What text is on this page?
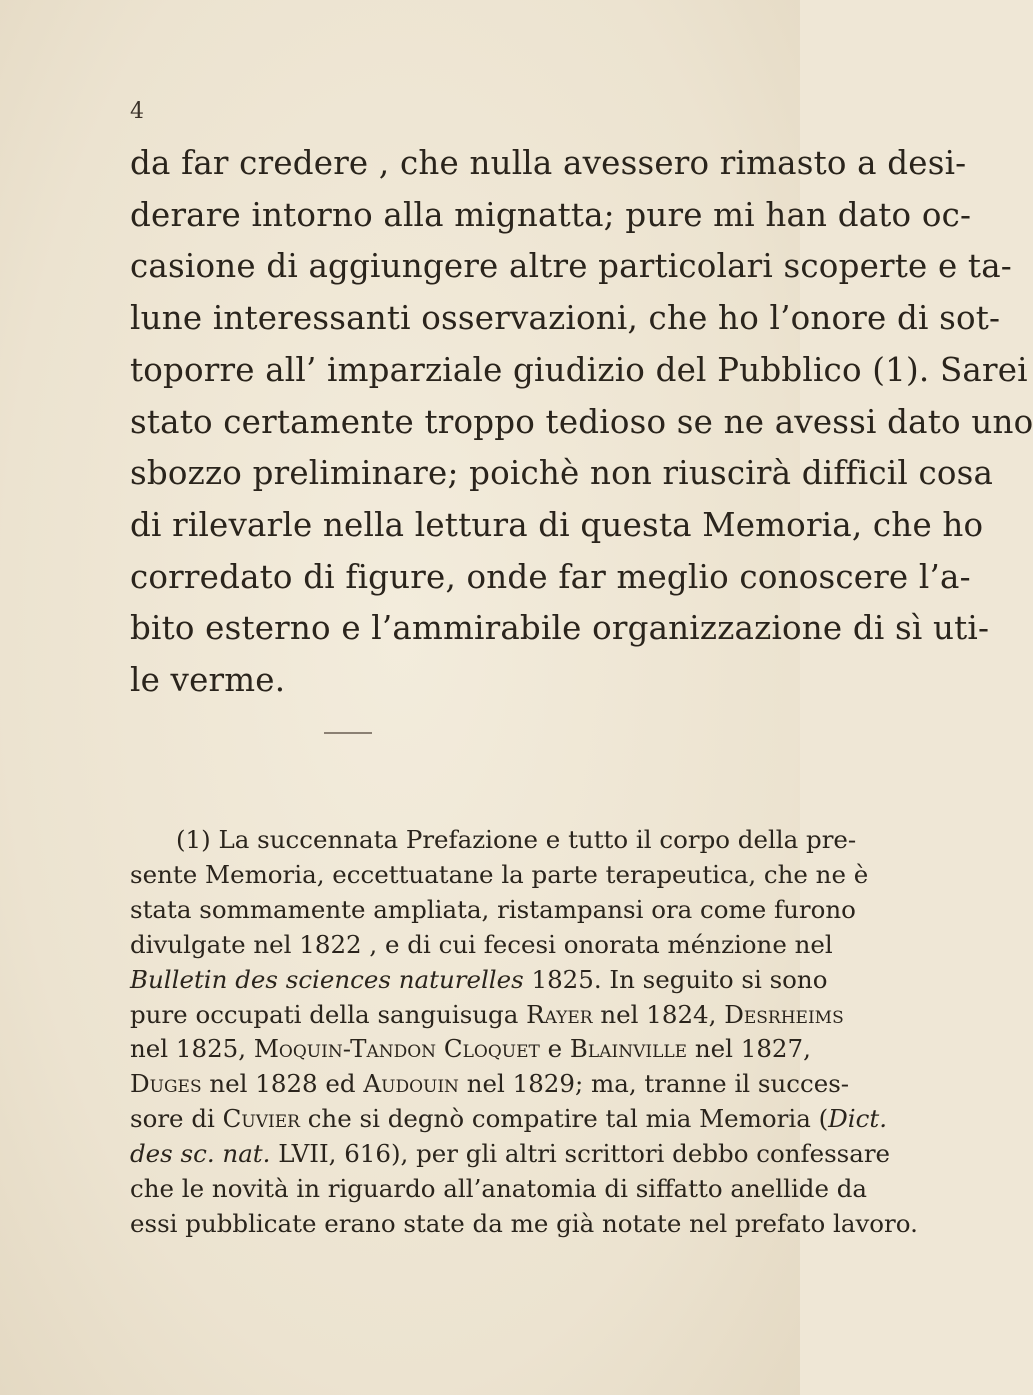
4
da far credere , che nulla avessero rimasto a desi-
derare intorno alla mignatta; pure mi han dato oc-
casione di aggiungere altre particolari scoperte e ta-
lune interessanti osservazioni, che ho l’onore di sot-
toporre all’ imparziale giudizio del Pubblico (1). Sarei
stato certamente troppo tedioso se ne avessi dato uno
sbozzo preliminare; poichè non riuscirà difficil cosa
di rilevarle nella lettura di questa Memoria, che ho
corredato di figure, onde far meglio conoscere l’a-
bito esterno e l’ammirabile organizzazione di sì uti-
le verme.
(1) La succennata Prefazione e tutto il corpo della pre-
sente Memoria, eccettuatane la parte terapeutica, che ne è
stata sommamente ampliata, ristampansi ora come furono
divulgate nel 1822 , e di cui fecesi onorata ménzione nel
Bulletin des sciences naturelles 1825. In seguito si sono
pure occupati della sanguisuga Rayer nel 1824, Desrheims
nel 1825, Moquin-Tandon Cloquet e Blainville nel 1827,
Duges nel 1828 ed Audouin nel 1829; ma, tranne il succes-
sore di Cuvier che si degnò compatire tal mia Memoria (Dict.
des sc. nat. LVII, 616), per gli altri scrittori debbo confessare
che le novità in riguardo all’anatomia di siffatto anellide da
essi pubblicate erano state da me già notate nel prefato lavoro.
